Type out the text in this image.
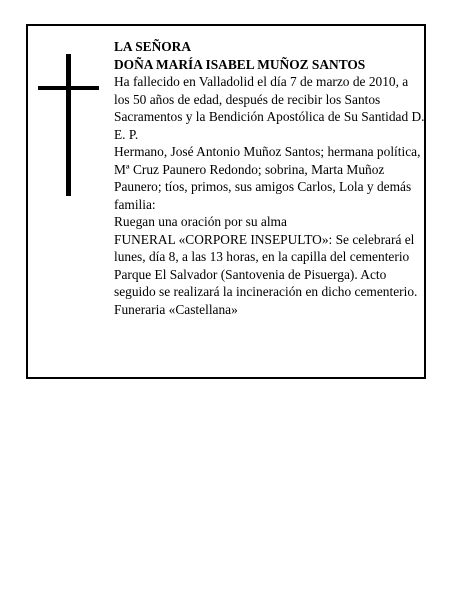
LA SEÑORA

DOÑA MARÍA ISABEL MUÑOZ SANTOS

Ha fallecido en Valladolid el día 7 de marzo de 2010, a los 50 años de edad, después de recibir los Santos Sacramentos y la Bendición Apostólica de Su Santidad D. E. P.

Hermano, José Antonio Muñoz Santos; hermana política, Mª Cruz Paunero Redondo; sobrina, Marta Muñoz Paunero; tíos, primos, sus amigos Carlos, Lola y demás familia:

Ruegan una oración por su alma

FUNERAL «CORPORE INSEPULTO»: Se celebrará el lunes, día 8, a las 13 horas, en la capilla del cementerio Parque El Salvador (Santovenia de Pisuerga). Acto seguido se realizará la incineración en dicho cementerio.

Funeraria «Castellana»
